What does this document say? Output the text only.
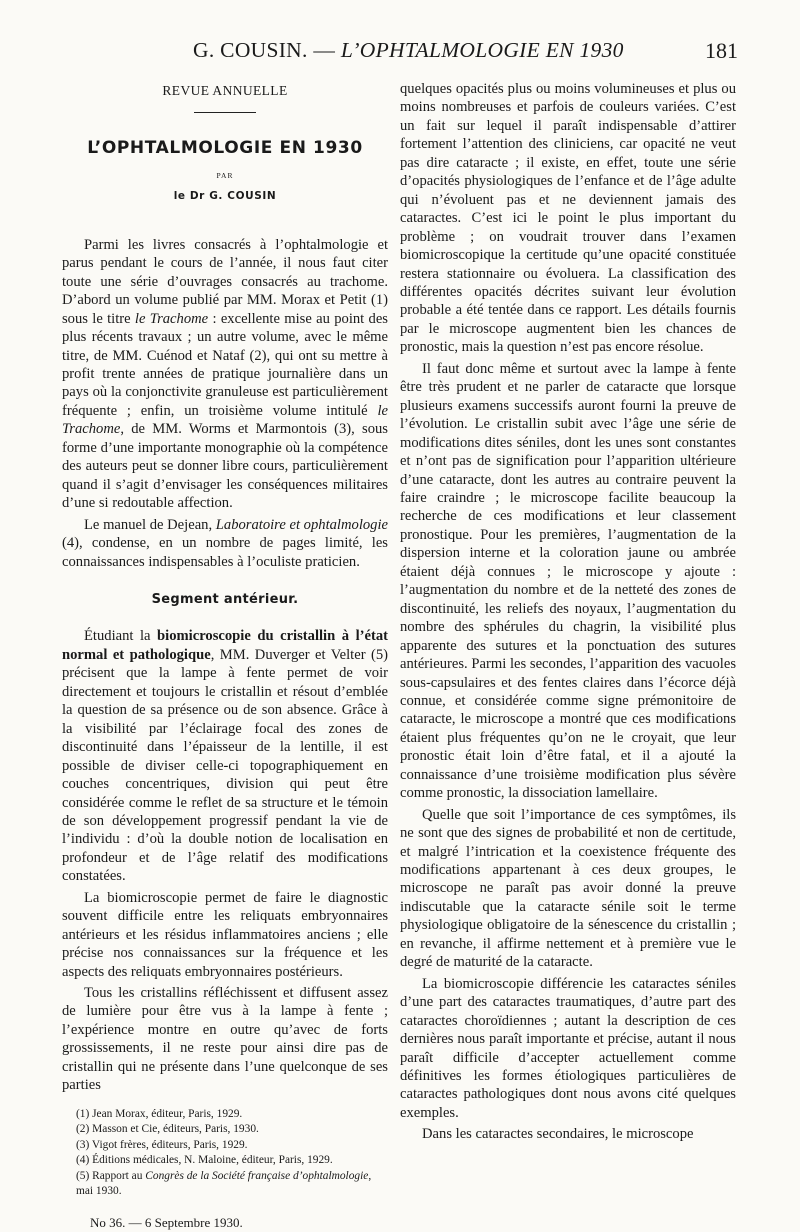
G. COUSIN. — L’OPHTALMOLOGIE EN 1930	181
REVUE ANNUELLE
L’OPHTALMOLOGIE EN 1930
PAR
le Dr G. COUSIN

Parmi les livres consacrés à l’ophtalmologie et parus pendant le cours de l’année, il nous faut citer toute une série d’ouvrages consacrés au trachome. D’abord un volume publié par MM. Morax et Petit (1) sous le titre le Trachome : excellente mise au point des plus récents travaux ; un autre volume, avec le même titre, de MM. Cuénod et Nataf (2), qui ont su mettre à profit trente années de pratique journalière dans un pays où la conjonctivite granuleuse est particulièrement fréquente ; enfin, un troisième volume intitulé le Trachome, de MM. Worms et Marmontois (3), sous forme d’une importante monographie où la compétence des auteurs peut se donner libre cours, particulièrement quand il s’agit d’envisager les conséquences militaires d’une si redoutable affection.

Le manuel de Dejean, Laboratoire et ophtalmologie (4), condense, en un nombre de pages limité, les connaissances indispensables à l’oculiste praticien.

Segment antérieur.

Étudiant la biomicroscopie du cristallin à l’état normal et pathologique, MM. Duverger et Velter (5) précisent que la lampe à fente permet de voir directement et toujours le cristallin et résout d’emblée la question de sa présence ou de son absence. Grâce à la visibilité par l’éclairage focal des zones de discontinuité dans l’épaisseur de la lentille, il est possible de diviser celle-ci topographiquement en couches concentriques, division qui peut être considérée comme le reflet de sa structure et le témoin de son développement progressif pendant la vie de l’individu : d’où la double notion de localisation en profondeur et de l’âge relatif des modifications constatées.

La biomicroscopie permet de faire le diagnostic souvent difficile entre les reliquats embryonnaires antérieurs et les résidus inflammatoires anciens ; elle précise nos connaissances sur la fréquence et les aspects des reliquats embryonnaires postérieurs.

Tous les cristallins réfléchissent et diffusent assez de lumière pour être vus à la lampe à fente ; l’expérience montre en outre qu’avec de forts grossissements, il ne reste pour ainsi dire pas de cristallin qui ne présente dans l’une quelconque de ses parties

(1) Jean Morax, éditeur, Paris, 1929.
(2) Masson et Cie, éditeurs, Paris, 1930.
(3) Vigot frères, éditeurs, Paris, 1929.
(4) Éditions médicales, N. Maloine, éditeur, Paris, 1929.
(5) Rapport au Congrès de la Société française d’ophtalmologie, mai 1930.
No 36. — 6 Septembre 1930.

quelques opacités plus ou moins volumineuses et plus ou moins nombreuses et parfois de couleurs variées. C’est un fait sur lequel il paraît indispensable d’attirer fortement l’attention des cliniciens, car opacité ne veut pas dire cataracte ; il existe, en effet, toute une série d’opacités physiologiques de l’enfance et de l’âge adulte qui n’évoluent pas et ne deviennent jamais des cataractes. C’est ici le point le plus important du problème ; on voudrait trouver dans l’examen biomicroscopique la certitude qu’une opacité constituée restera stationnaire ou évoluera. La classification des différentes opacités décrites suivant leur évolution probable a été tentée dans ce rapport. Les détails fournis par le microscope augmentent bien les chances de pronostic, mais la question n’est pas encore résolue.

Il faut donc même et surtout avec la lampe à fente être très prudent et ne parler de cataracte que lorsque plusieurs examens successifs auront fourni la preuve de l’évolution. Le cristallin subit avec l’âge une série de modifications dites séniles, dont les unes sont constantes et n’ont pas de signification pour l’apparition ultérieure d’une cataracte, dont les autres au contraire peuvent la faire craindre ; le microscope facilite beaucoup la recherche de ces modifications et leur classement pronostique. Pour les premières, l’augmentation de la dispersion interne et la coloration jaune ou ambrée étaient déjà connues ; le microscope y ajoute : l’augmentation du nombre et de la netteté des zones de discontinuité, les reliefs des noyaux, l’augmentation du nombre des sphérules du chagrin, la visibilité plus apparente des sutures et la ponctuation des sutures antérieures. Parmi les secondes, l’apparition des vacuoles sous-capsulaires et des fentes claires dans l’écorce déjà connue, et considérée comme signe prémonitoire de cataracte, le microscope a montré que ces modifications étaient plus fréquentes qu’on ne le croyait, que leur pronostic était loin d’être fatal, et il a ajouté la connaissance d’une troisième modification plus sévère comme pronostic, la dissociation lamellaire.

Quelle que soit l’importance de ces symptômes, ils ne sont que des signes de probabilité et non de certitude, et malgré l’intrication et la coexistence fréquente des modifications appartenant à ces deux groupes, le microscope ne paraît pas avoir donné la preuve indiscutable que la cataracte sénile soit le terme physiologique obligatoire de la sénescence du cristallin ; en revanche, il affirme nettement et à première vue le degré de maturité de la cataracte.

La biomicroscopie différencie les cataractes séniles d’une part des cataractes traumatiques, d’autre part des cataractes choroïdiennes ; autant la description de ces dernières nous paraît importante et précise, autant il nous paraît difficile d’accepter actuellement comme définitives les formes étiologiques particulières de cataractes pathologiques dont nous avons cité quelques exemples.

Dans les cataractes secondaires, le microscope
